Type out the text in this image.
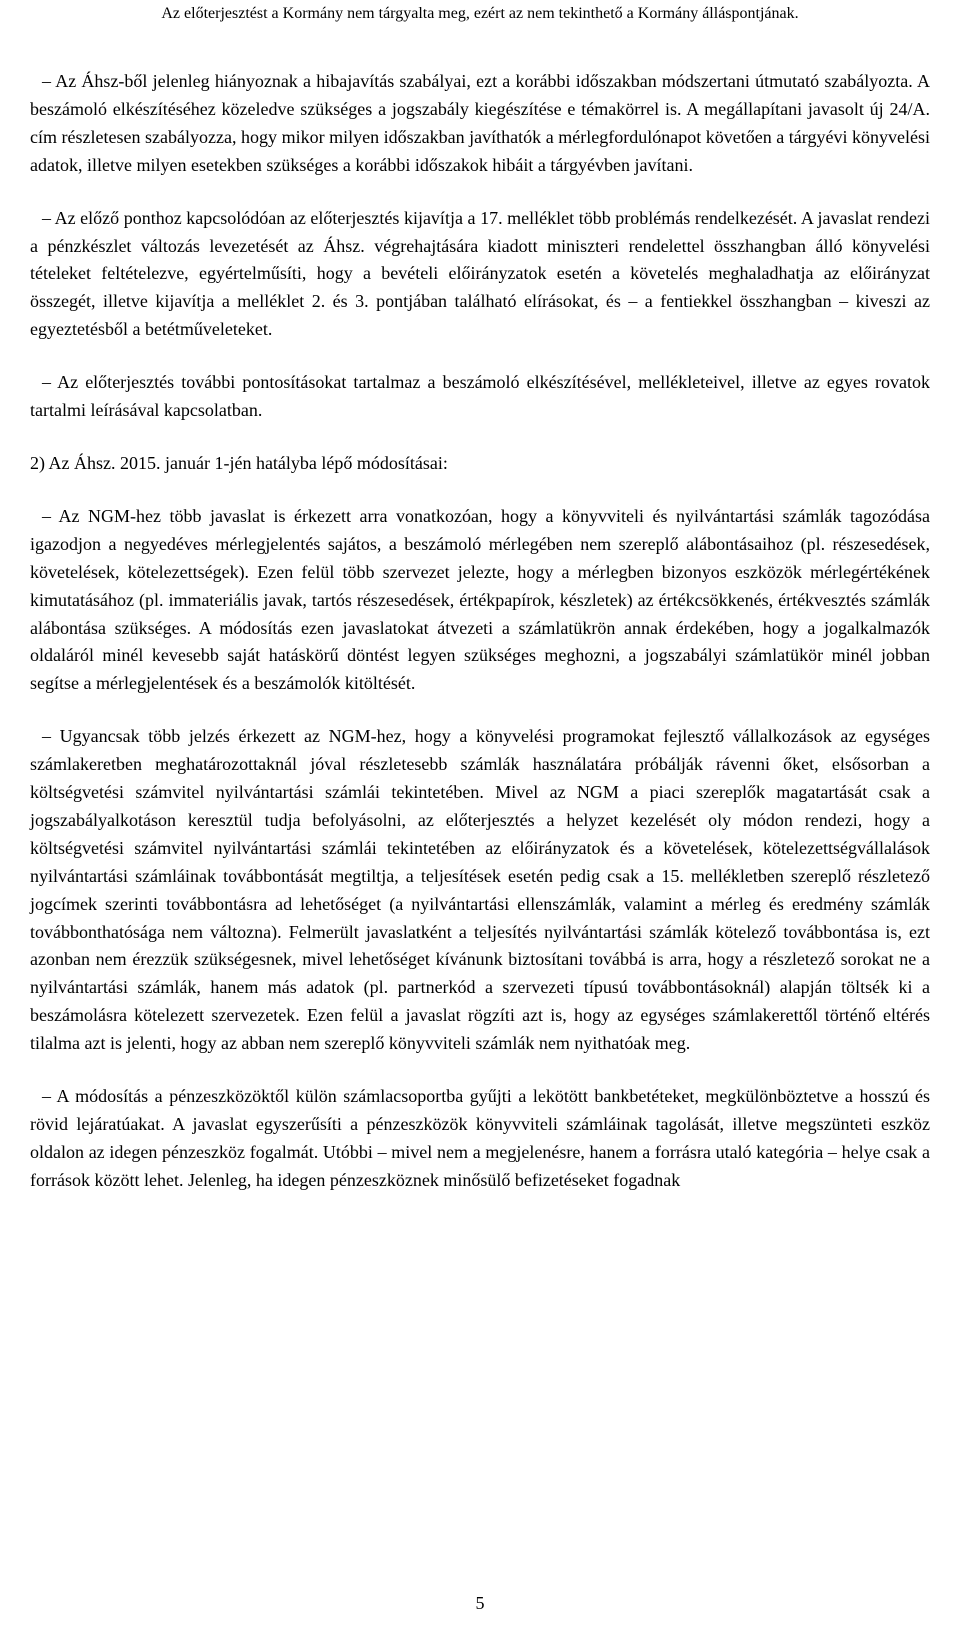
Az előterjesztést a Kormány nem tárgyalta meg, ezért az nem tekinthető a Kormány álláspontjának.

– Az Áhsz-ből jelenleg hiányoznak a hibajavítás szabályai, ezt a korábbi időszakban módszertani útmutató szabályozta. A beszámoló elkészítéséhez közeledve szükséges a jogszabály kiegészítése e témakörrel is. A megállapítani javasolt új 24/A. cím részletesen szabályozza, hogy mikor milyen időszakban javíthatók a mérlegfordulónapot követően a tárgyévi könyvelési adatok, illetve milyen esetekben szükséges a korábbi időszakok hibáit a tárgyévben javítani.

– Az előző ponthoz kapcsolódóan az előterjesztés kijavítja a 17. melléklet több problémás rendelkezését. A javaslat rendezi a pénzkészlet változás levezetését az Áhsz. végrehajtására kiadott miniszteri rendelettel összhangban álló könyvelési tételeket feltételezve, egyértelműsíti, hogy a bevételi előirányzatok esetén a követelés meghaladhatja az előirányzat összegét, illetve kijavítja a melléklet 2. és 3. pontjában található elírásokat, és – a fentiekkel összhangban – kiveszi az egyeztetésből a betétműveleteket.

– Az előterjesztés további pontosításokat tartalmaz a beszámoló elkészítésével, mellékleteivel, illetve az egyes rovatok tartalmi leírásával kapcsolatban.

2) Az Áhsz. 2015. január 1-jén hatályba lépő módosításai:

– Az NGM-hez több javaslat is érkezett arra vonatkozóan, hogy a könyvviteli és nyilvántartási számlák tagozódása igazodjon a negyedéves mérlegjelentés sajátos, a beszámoló mérlegében nem szereplő alábontásaihoz (pl. részesedések, követelések, kötelezettségek). Ezen felül több szervezet jelezte, hogy a mérlegben bizonyos eszközök mérlegértékének kimutatásához (pl. immateriális javak, tartós részesedések, értékpapírok, készletek) az értékcsökkenés, értékvesztés számlák alábontása szükséges. A módosítás ezen javaslatokat átvezeti a számlatükrön annak érdekében, hogy a jogalkalmazók oldaláról minél kevesebb saját hatáskörű döntést legyen szükséges meghozni, a jogszabályi számlatükör minél jobban segítse a mérlegjelentések és a beszámolók kitöltését.

– Ugyancsak több jelzés érkezett az NGM-hez, hogy a könyvelési programokat fejlesztő vállalkozások az egységes számlakeretben meghatározottaknál jóval részletesebb számlák használatára próbálják rávenni őket, elsősorban a költségvetési számvitel nyilvántartási számlái tekintetében. Mivel az NGM a piaci szereplők magatartását csak a jogszabályalkotáson keresztül tudja befolyásolni, az előterjesztés a helyzet kezelését oly módon rendezi, hogy a költségvetési számvitel nyilvántartási számlái tekintetében az előirányzatok és a követelések, kötelezettségvállalások nyilvántartási számláinak továbbontását megtiltja, a teljesítések esetén pedig csak a 15. mellékletben szereplő részletező jogcímek szerinti továbbontásra ad lehetőséget (a nyilvántartási ellenszámlák, valamint a mérleg és eredmény számlák továbbonthatósága nem változna). Felmerült javaslatként a teljesítés nyilvántartási számlák kötelező továbbontása is, ezt azonban nem érezzük szükségesnek, mivel lehetőséget kívánunk biztosítani továbbá is arra, hogy a részletező sorokat ne a nyilvántartási számlák, hanem más adatok (pl. partnerkód a szervezeti típusú továbbontásoknál) alapján töltsék ki a beszámolásra kötelezett szervezetek. Ezen felül a javaslat rögzíti azt is, hogy az egységes számlakerettől történő eltérés tilalma azt is jelenti, hogy az abban nem szereplő könyvviteli számlák nem nyithatóak meg.

– A módosítás a pénzeszközöktől külön számlacsoportba gyűjti a lekötött bankbetéteket, megkülönböztetve a hosszú és rövid lejáratúakat. A javaslat egyszerűsíti a pénzeszközök könyvviteli számláinak tagolását, illetve megszünteti eszköz oldalon az idegen pénzeszköz fogalmát. Utóbbi – mivel nem a megjelenésre, hanem a forrásra utaló kategória – helye csak a források között lehet. Jelenleg, ha idegen pénzeszköznek minősülő befizetéseket fogadnak

5
